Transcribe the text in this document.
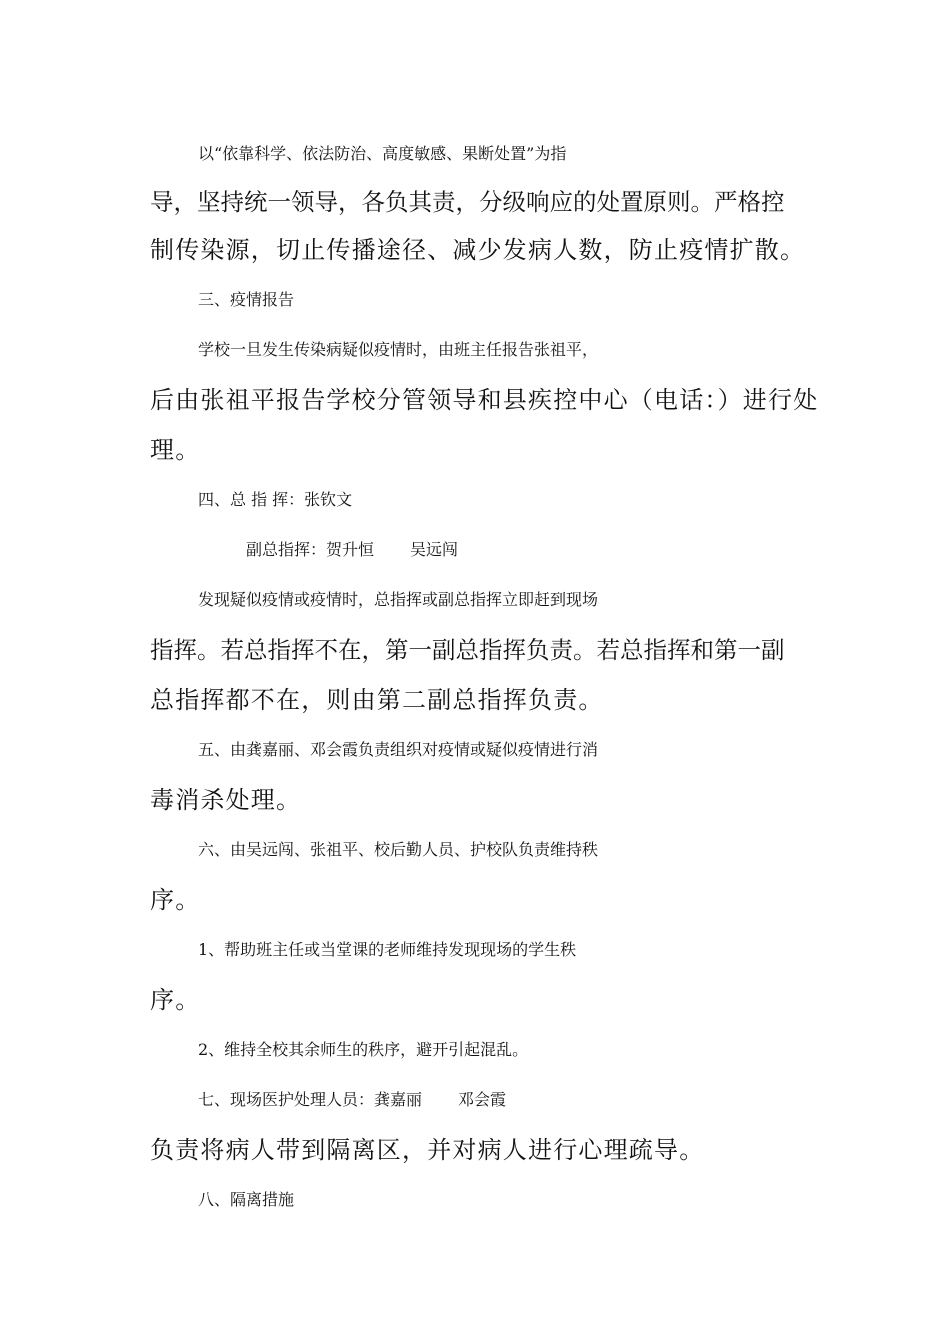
以“依靠科学、依法防治、高度敏感、果断处置”为指
导，坚持统一领导，各负其责，分级响应的处置原则。严格控
制传染源，切止传播途径、减少发病人数，防止疫情扩散。
三、疫情报告
学校一旦发生传染病疑似疫情时，由班主任报告张祖平，
后由张祖平报告学校分管领导和县疾控中心（电话：）进行处
理。
四、总 指 挥：张钦文
副总指挥：贺升恒 吴远闯
发现疑似疫情或疫情时，总指挥或副总指挥立即赶到现场
指挥。若总指挥不在，第一副总指挥负责。若总指挥和第一副
总指挥都不在，则由第二副总指挥负责。
五、由龚嘉丽、邓会霞负责组织对疫情或疑似疫情进行消
毒消杀处理。
六、由吴远闯、张祖平、校后勤人员、护校队负责维持秩
序。
1、帮助班主任或当堂课的老师维持发现现场的学生秩
序。
2、维持全校其余师生的秩序，避开引起混乱。
七、现场医护处理人员：龚嘉丽 邓会霞
负责将病人带到隔离区，并对病人进行心理疏导。
八、隔离措施
